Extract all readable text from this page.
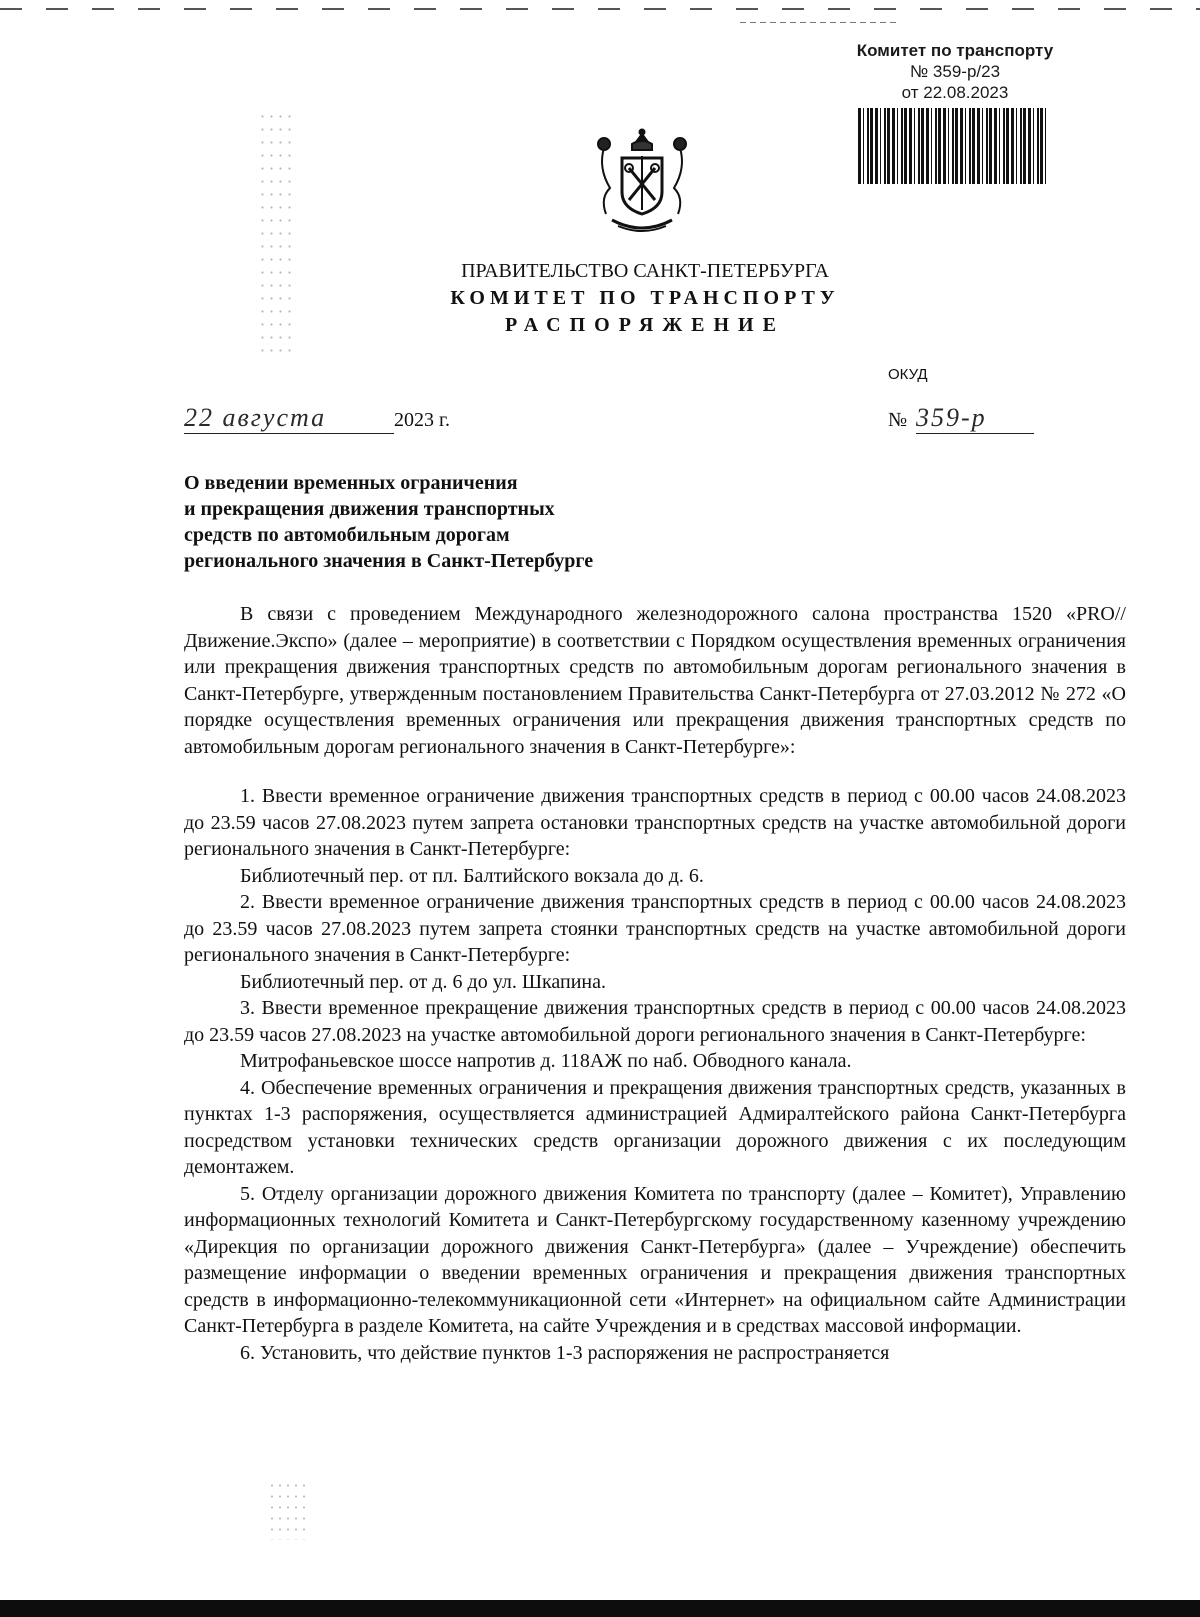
Комитет по транспорту
№ 359-р/23
от 22.08.2023
ПРАВИТЕЛЬСТВО САНКТ-ПЕТЕРБУРГА
КОМИТЕТ ПО ТРАНСПОРТУ
РАСПОРЯЖЕНИЕ
ОКУД
22 августа	2023 г.	№ 359-р
О введении временных ограничения
и прекращения движения транспортных
средств по автомобильным дорогам
регионального значения в Санкт-Петербурге

В связи с проведением Международного железнодорожного салона пространства 1520 «PRO//Движение.Экспо» (далее – мероприятие) в соответствии с Порядком осуществления временных ограничения или прекращения движения транспортных средств по автомобильным дорогам регионального значения в Санкт-Петербурге, утвержденным постановлением Правительства Санкт-Петербурга от 27.03.2012 № 272 «О порядке осуществления временных ограничения или прекращения движения транспортных средств по автомобильным дорогам регионального значения в Санкт-Петербурге»:

1. Ввести временное ограничение движения транспортных средств в период с 00.00 часов 24.08.2023 до 23.59 часов 27.08.2023 путем запрета остановки транспортных средств на участке автомобильной дороги регионального значения в Санкт-Петербурге:

Библиотечный пер. от пл. Балтийского вокзала до д. 6.

2. Ввести временное ограничение движения транспортных средств в период с 00.00 часов 24.08.2023 до 23.59 часов 27.08.2023 путем запрета стоянки транспортных средств на участке автомобильной дороги регионального значения в Санкт-Петербурге:

Библиотечный пер. от д. 6 до ул. Шкапина.

3. Ввести временное прекращение движения транспортных средств в период с 00.00 часов 24.08.2023 до 23.59 часов 27.08.2023 на участке автомобильной дороги регионального значения в Санкт-Петербурге:

Митрофаньевское шоссе напротив д. 118АЖ по наб. Обводного канала.

4. Обеспечение временных ограничения и прекращения движения транспортных средств, указанных в пунктах 1-3 распоряжения, осуществляется администрацией Адмиралтейского района Санкт-Петербурга посредством установки технических средств организации дорожного движения с их последующим демонтажем.

5. Отделу организации дорожного движения Комитета по транспорту (далее – Комитет), Управлению информационных технологий Комитета и Санкт-Петербургскому государственному казенному учреждению «Дирекция по организации дорожного движения Санкт-Петербурга» (далее – Учреждение) обеспечить размещение информации о введении временных ограничения и прекращения движения транспортных средств в информационно-телекоммуникационной сети «Интернет» на официальном сайте Администрации Санкт-Петербурга в разделе Комитета, на сайте Учреждения и в средствах массовой информации.

6. Установить, что действие пунктов 1-3 распоряжения не распространяется
